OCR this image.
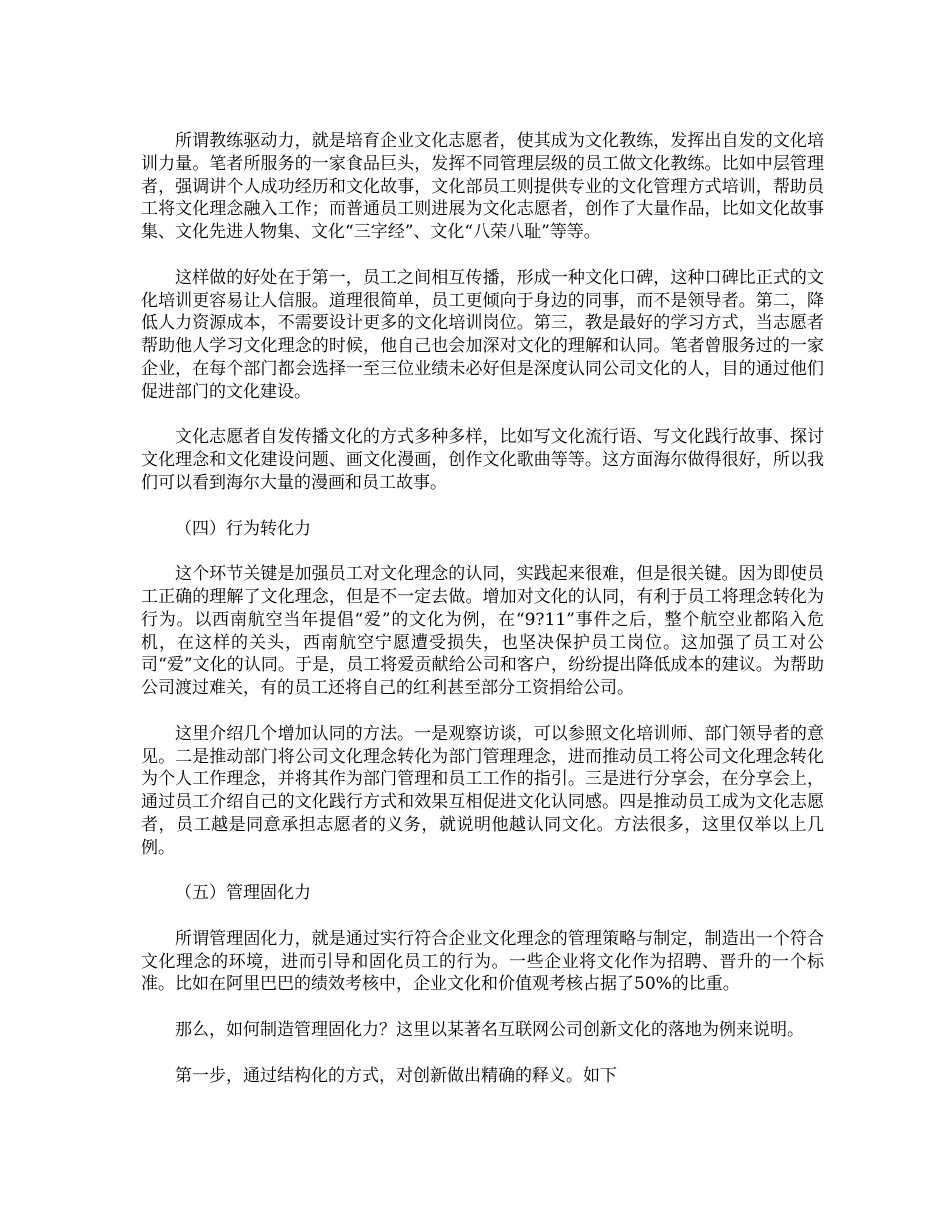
所谓教练驱动力，就是培育企业文化志愿者，使其成为文化教练，发挥出自发的文化培训力量。笔者所服务的一家食品巨头，发挥不同管理层级的员工做文化教练。比如中层管理者，强调讲个人成功经历和文化故事，文化部员工则提供专业的文化管理方式培训，帮助员工将文化理念融入工作；而普通员工则进展为文化志愿者，创作了大量作品，比如文化故事集、文化先进人物集、文化“三字经”、文化“八荣八耻”等等。

这样做的好处在于第一，员工之间相互传播，形成一种文化口碑，这种口碑比正式的文化培训更容易让人信服。道理很简单，员工更倾向于身边的同事，而不是领导者。第二，降低人力资源成本，不需要设计更多的文化培训岗位。第三，教是最好的学习方式，当志愿者帮助他人学习文化理念的时候，他自己也会加深对文化的理解和认同。笔者曾服务过的一家企业，在每个部门都会选择一至三位业绩未必好但是深度认同公司文化的人，目的通过他们促进部门的文化建设。

文化志愿者自发传播文化的方式多种多样，比如写文化流行语、写文化践行故事、探讨文化理念和文化建设问题、画文化漫画，创作文化歌曲等等。这方面海尔做得很好，所以我们可以看到海尔大量的漫画和员工故事。

（四）行为转化力

这个环节关键是加强员工对文化理念的认同，实践起来很难，但是很关键。因为即使员工正确的理解了文化理念，但是不一定去做。增加对文化的认同，有利于员工将理念转化为行为。以西南航空当年提倡“爱”的文化为例，在“9?11”事件之后，整个航空业都陷入危机，在这样的关头，西南航空宁愿遭受损失，也坚决保护员工岗位。这加强了员工对公司“爱”文化的认同。于是，员工将爱贡献给公司和客户，纷纷提出降低成本的建议。为帮助公司渡过难关，有的员工还将自己的红利甚至部分工资捐给公司。

这里介绍几个增加认同的方法。一是观察访谈，可以参照文化培训师、部门领导者的意见。二是推动部门将公司文化理念转化为部门管理理念，进而推动员工将公司文化理念转化为个人工作理念，并将其作为部门管理和员工工作的指引。三是进行分享会，在分享会上，通过员工介绍自己的文化践行方式和效果互相促进文化认同感。四是推动员工成为文化志愿者，员工越是同意承担志愿者的义务，就说明他越认同文化。方法很多，这里仅举以上几例。

（五）管理固化力

所谓管理固化力，就是通过实行符合企业文化理念的管理策略与制定，制造出一个符合文化理念的环境，进而引导和固化员工的行为。一些企业将文化作为招聘、晋升的一个标准。比如在阿里巴巴的绩效考核中，企业文化和价值观考核占据了50%的比重。

那么，如何制造管理固化力？这里以某著名互联网公司创新文化的落地为例来说明。

第一步，通过结构化的方式，对创新做出精确的释义。如下
